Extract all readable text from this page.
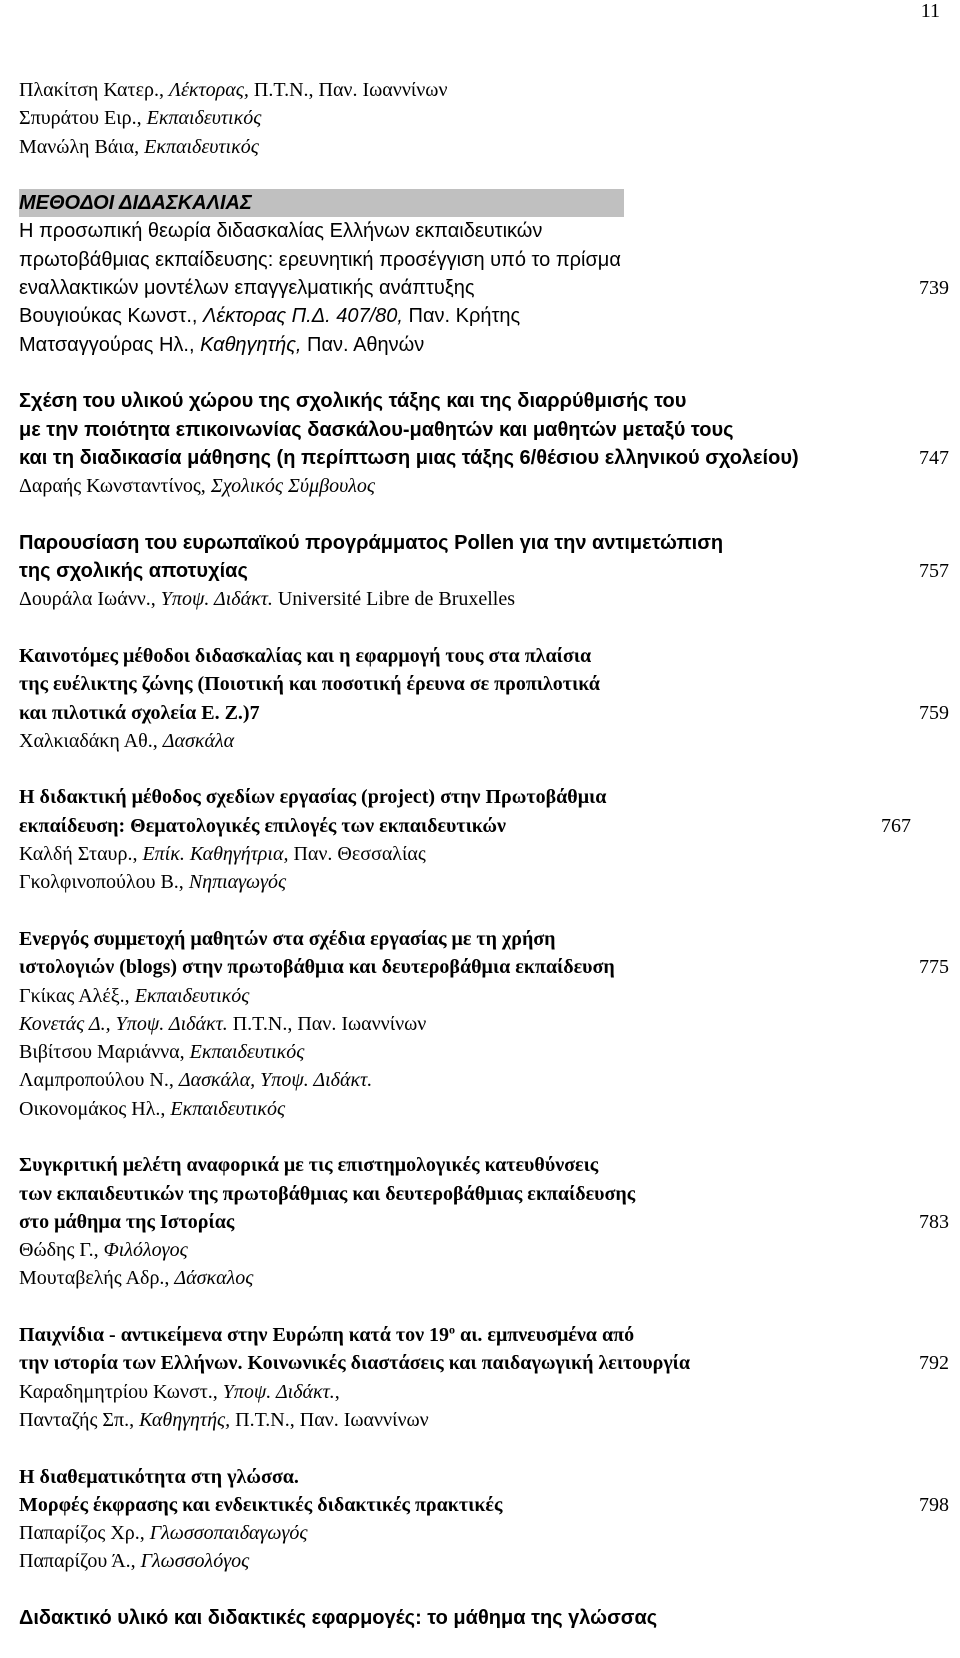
11
Πλακίτση Κατερ., Λέκτορας, Π.Τ.Ν., Παν. Ιωαννίνων
Σπυράτου Ειρ., Εκπαιδευτικός
Μανώλη Βάια, Εκπαιδευτικός
ΜΕΘΟΔΟΙ ΔΙΔΑΣΚΑΛΙΑΣ
Η προσωπική θεωρία διδασκαλίας Ελλήνων εκπαιδευτικών
πρωτοβάθμιας εκπαίδευσης: ερευνητική προσέγγιση υπό το πρίσμα
εναλλακτικών μοντέλων επαγγελματικής ανάπτυξης	739
Βουγιούκας Κωνστ., Λέκτορας Π.Δ. 407/80, Παν. Κρήτης
Ματσαγγούρας Ηλ., Καθηγητής, Παν. Αθηνών
Σχέση του υλικού χώρου της σχολικής τάξης και της διαρρύθμισής του
με την ποιότητα επικοινωνίας δασκάλου-μαθητών και μαθητών μεταξύ τους
και τη διαδικασία μάθησης (η περίπτωση μιας τάξης 6/θέσιου ελληνικού σχολείου)	747
Δαραής Κωνσταντίνος, Σχολικός Σύμβουλος
Παρουσίαση του ευρωπαϊκού προγράμματος Pollen για την αντιμετώπιση
της σχολικής αποτυχίας	757
Δουράλα Ιωάνν., Υποψ. Διδάκτ. Université Libre de Bruxelles
Καινοτόμες μέθοδοι διδασκαλίας και η εφαρμογή τους στα πλαίσια
της ευέλικτης ζώνης (Ποιοτική και ποσοτική έρευνα σε προπιλοτικά
και πιλοτικά σχολεία Ε. Ζ.)7	759
Χαλκιαδάκη Αθ., Δασκάλα
Η διδακτική μέθοδος σχεδίων εργασίας (project) στην Πρωτοβάθμια
εκπαίδευση: Θεματολογικές επιλογές των εκπαιδευτικών	767
Καλδή Σταυρ., Επίκ. Καθηγήτρια, Παν. Θεσσαλίας
Γκολφινοπούλου Β., Νηπιαγωγός
Ενεργός συμμετοχή μαθητών στα σχέδια εργασίας με τη χρήση
ιστολογιών (blogs) στην πρωτοβάθμια και δευτεροβάθμια εκπαίδευση	775
Γκίκας Αλέξ., Εκπαιδευτικός
Κονετάς Δ., Υποψ. Διδάκτ. Π.Τ.Ν., Παν. Ιωαννίνων
Βιβίτσου Μαριάννα, Εκπαιδευτικός
Λαμπροπούλου Ν., Δασκάλα, Υποψ. Διδάκτ.
Οικονομάκος Ηλ., Εκπαιδευτικός
Συγκριτική μελέτη αναφορικά με τις επιστημολογικές κατευθύνσεις
των εκπαιδευτικών της πρωτοβάθμιας και δευτεροβάθμιας εκπαίδευσης
στο μάθημα της Ιστορίας	783
Θώδης Γ., Φιλόλογος
Μουταβελής Αδρ., Δάσκαλος
Παιχνίδια - αντικείμενα στην Ευρώπη κατά τον $19^o$ αι. εμπνευσμένα από
την ιστορία των Ελλήνων. Κοινωνικές διαστάσεις και παιδαγωγική λειτουργία	792
Καραδημητρίου Κωνστ., Υποψ. Διδάκτ.,
Πανταζής Σπ., Καθηγητής, Π.Τ.Ν., Παν. Ιωαννίνων
Η διαθεματικότητα στη γλώσσα.
Μορφές έκφρασης και ενδεικτικές διδακτικές πρακτικές	798
Παπαρίζος Χρ., Γλωσσοπαιδαγωγός
Παπαρίζου Ά., Γλωσσολόγος
Διδακτικό υλικό και διδακτικές εφαρμογές: το μάθημα της γλώσσας
